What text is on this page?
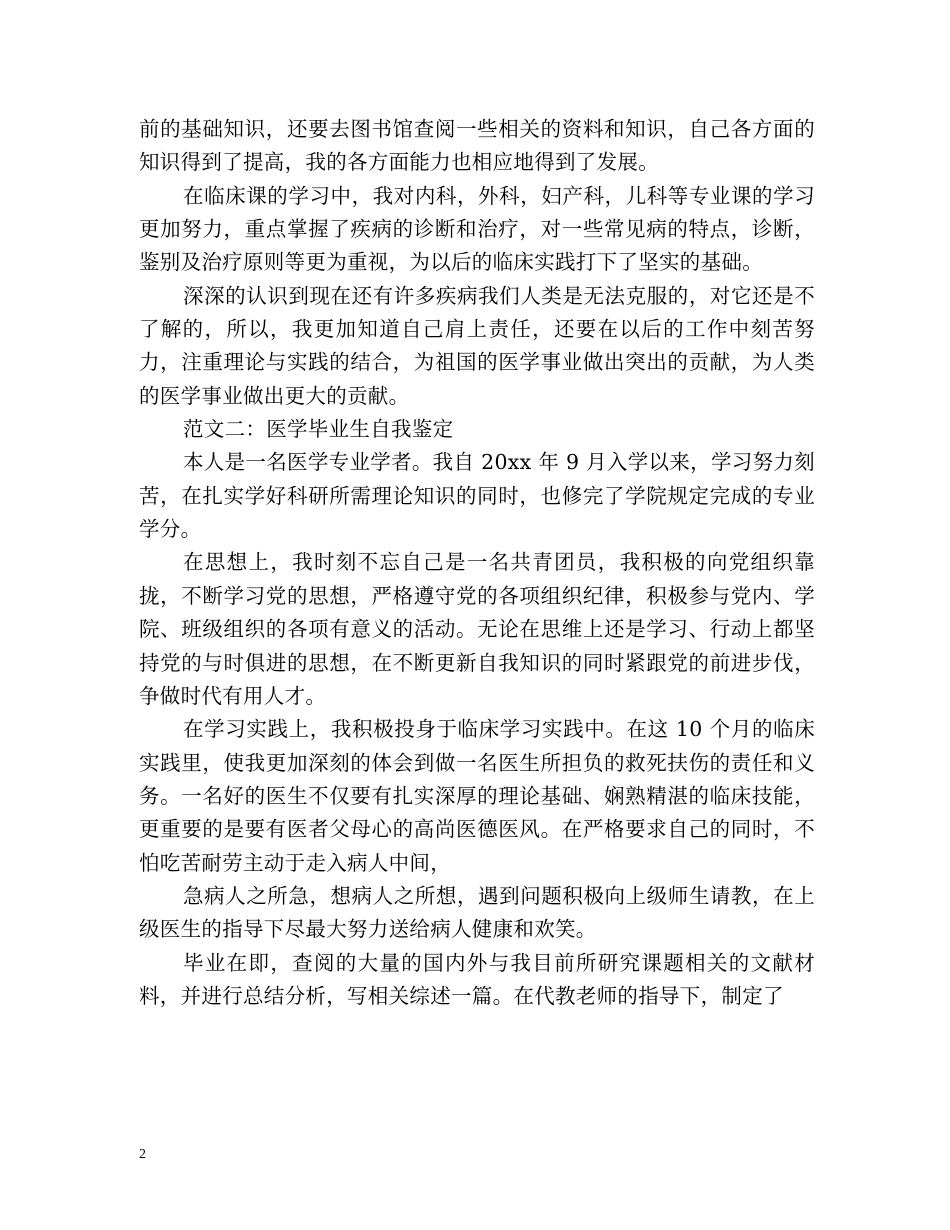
前的基础知识，还要去图书馆查阅一些相关的资料和知识，自己各方面的知识得到了提高，我的各方面能力也相应地得到了发展。

在临床课的学习中，我对内科，外科，妇产科，儿科等专业课的学习更加努力，重点掌握了疾病的诊断和治疗，对一些常见病的特点，诊断，鉴别及治疗原则等更为重视，为以后的临床实践打下了坚实的基础。

深深的认识到现在还有许多疾病我们人类是无法克服的，对它还是不了解的，所以，我更加知道自己肩上责任，还要在以后的工作中刻苦努力，注重理论与实践的结合，为祖国的医学事业做出突出的贡献，为人类的医学事业做出更大的贡献。

范文二：医学毕业生自我鉴定

本人是一名医学专业学者。我自 20xx 年 9 月入学以来，学习努力刻苦，在扎实学好科研所需理论知识的同时，也修完了学院规定完成的专业学分。

在思想上，我时刻不忘自己是一名共青团员，我积极的向党组织靠拢，不断学习党的思想，严格遵守党的各项组织纪律，积极参与党内、学院、班级组织的各项有意义的活动。无论在思维上还是学习、行动上都坚持党的与时俱进的思想，在不断更新自我知识的同时紧跟党的前进步伐，争做时代有用人才。

在学习实践上，我积极投身于临床学习实践中。在这 10 个月的临床实践里，使我更加深刻的体会到做一名医生所担负的救死扶伤的责任和义务。一名好的医生不仅要有扎实深厚的理论基础、娴熟精湛的临床技能，更重要的是要有医者父母心的高尚医德医风。在严格要求自己的同时，不怕吃苦耐劳主动于走入病人中间，

急病人之所急，想病人之所想，遇到问题积极向上级师生请教，在上级医生的指导下尽最大努力送给病人健康和欢笑。

毕业在即，查阅的大量的国内外与我目前所研究课题相关的文献材料，并进行总结分析，写相关综述一篇。在代教老师的指导下，制定了

2
